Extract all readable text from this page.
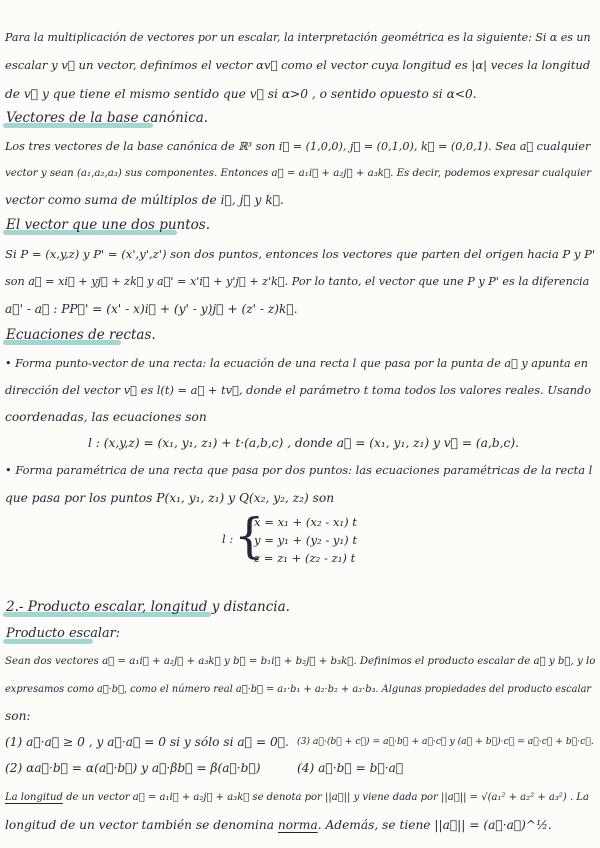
Para la multiplicación de vectores por un escalar, la interpretación geométrica es la siguiente: Si α es un
escalar y v⃗ un vector, definimos el vector αv⃗ como el vector cuya longitud es |α| veces la longitud
de v⃗ y que tiene el mismo sentido que v⃗ si α>0 , o sentido opuesto si α<0.
Vectores de la base canónica.
Los tres vectores de la base canónica de ℝ³ son i⃗ = (1,0,0), j⃗ = (0,1,0), k⃗ = (0,0,1). Sea a⃗ cualquier
vector y sean (a₁,a₂,a₃) sus componentes. Entonces a⃗ = a₁i⃗ + a₂j⃗ + a₃k⃗. Es decir, podemos expresar cualquier
vector como suma de múltiplos de i⃗, j⃗ y k⃗.
El vector que une dos puntos.
Si P = (x,y,z) y P' = (x',y',z') son dos puntos, entonces los vectores que parten del origen hacia P y P'
son a⃗ = xi⃗ + yj⃗ + zk⃗ y a⃗' = x'i⃗ + y'j⃗ + z'k⃗. Por lo tanto, el vector que une P y P' es la diferencia
a⃗' - a⃗ : PP⃗' = (x' - x)i⃗ + (y' - y)j⃗ + (z' - z)k⃗.
Ecuaciones de rectas.
• Forma punto-vector de una recta: la ecuación de una recta l que pasa por la punta de a⃗ y apunta en
dirección del vector v⃗ es l(t) = a⃗ + tv⃗, donde el parámetro t toma todos los valores reales. Usando
coordenadas, las ecuaciones son
l : (x,y,z) = (x₁, y₁, z₁) + t·(a,b,c) , donde a⃗ = (x₁, y₁, z₁) y v⃗ = (a,b,c).
• Forma paramétrica de una recta que pasa por dos puntos: las ecuaciones paramétricas de la recta l
que pasa por los puntos P(x₁, y₁, z₁) y Q(x₂, y₂, z₂) son
l : {
x = x₁ + (x₂ - x₁) t
y = y₁ + (y₂ - y₁) t
z = z₁ + (z₂ - z₁) t
2.- Producto escalar, longitud y distancia.
Producto escalar:
Sean dos vectores a⃗ = a₁i⃗ + a₂j⃗ + a₃k⃗ y b⃗ = b₁i⃗ + b₂j⃗ + b₃k⃗. Definimos el producto escalar de a⃗ y b⃗, y lo
expresamos como a⃗·b⃗, como el número real a⃗·b⃗ = a₁·b₁ + a₂·b₂ + a₃·b₃. Algunas propiedades del producto escalar
son:
(1) a⃗·a⃗ ≥ 0 , y a⃗·a⃗ = 0 si y sólo si a⃗ = 0⃗. (3) a⃗·(b⃗ + c⃗) = a⃗·b⃗ + a⃗·c⃗ y (a⃗ + b⃗)·c⃗ = a⃗·c⃗ + b⃗·c⃗.
(2) αa⃗·b⃗ = α(a⃗·b⃗) y a⃗·βb⃗ = β(a⃗·b⃗)	(4) a⃗·b⃗ = b⃗·a⃗
La longitud de un vector a⃗ = a₁i⃗ + a₂j⃗ + a₃k⃗ se denota por ||a⃗|| y viene dada por ||a⃗|| = √(a₁² + a₂² + a₃²) . La
longitud de un vector también se denomina norma. Además, se tiene ||a⃗|| = (a⃗·a⃗)^½.
